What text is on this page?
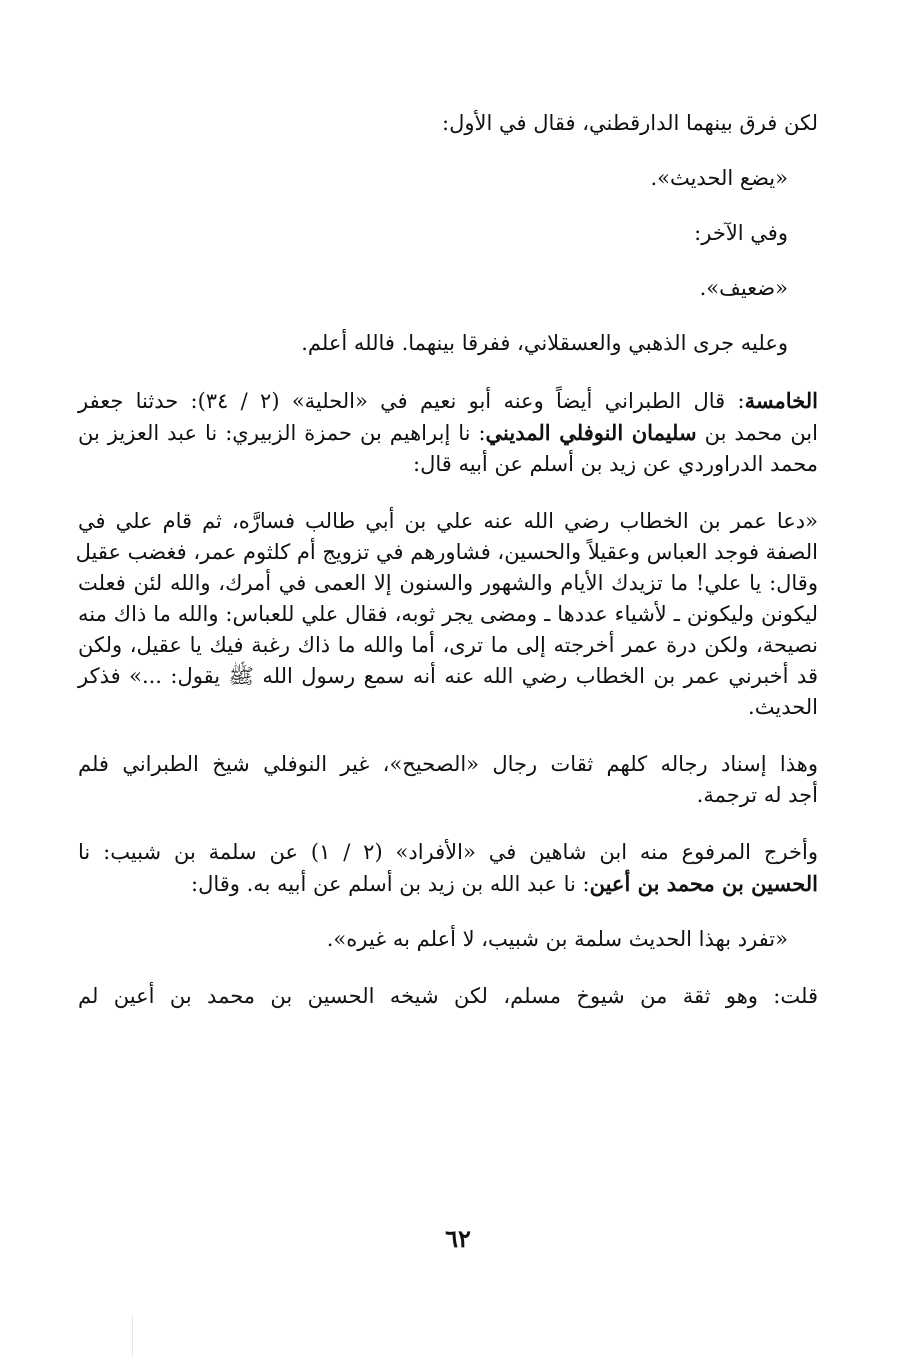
لكن فرق بينهما الدارقطني، فقال في الأول:
«يضع الحديث».
وفي الآخر:
«ضعيف».
وعليه جرى الذهبي والعسقلاني، ففرقا بينهما. فالله أعلم.
الخامسة: قال الطبراني أيضاً وعنه أبو نعيم في «الحلية» (٢ / ٣٤): حدثنا جعفر
ابن محمد بن سليمان النوفلي المديني: نا إبراهيم بن حمزة الزبيري: نا عبد العزيز بن
محمد الدراوردي عن زيد بن أسلم عن أبيه قال:
«دعا عمر بن الخطاب رضي الله عنه علي بن أبي طالب فسارَّه، ثم قام علي في
الصفة فوجد العباس وعقيلاً والحسين، فشاورهم في تزويج أم كلثوم عمر، فغضب عقيل
وقال: يا علي! ما تزيدك الأيام والشهور والسنون إلا العمى في أمرك، والله لئن فعلت
ليكونن وليكونن ـ لأشياء عددها ـ ومضى يجر ثوبه، فقال علي للعباس: والله ما ذاك منه
نصيحة، ولكن درة عمر أخرجته إلى ما ترى، أما والله ما ذاك رغبة فيك يا عقيل، ولكن
قد أخبرني عمر بن الخطاب رضي الله عنه أنه سمع رسول الله ﷺ يقول: ...» فذكر
الحديث.
وهذا إسناد رجاله كلهم ثقات رجال «الصحيح»، غير النوفلي شيخ الطبراني فلم
أجد له ترجمة.
وأخرج المرفوع منه ابن شاهين في «الأفراد» (٢ / ١) عن سلمة بن شبيب: نا
الحسين بن محمد بن أعين: نا عبد الله بن زيد بن أسلم عن أبيه به. وقال:
«تفرد بهذا الحديث سلمة بن شبيب، لا أعلم به غيره».
قلت: وهو ثقة من شيوخ مسلم، لكن شيخه الحسين بن محمد بن أعين لم
٦٢
